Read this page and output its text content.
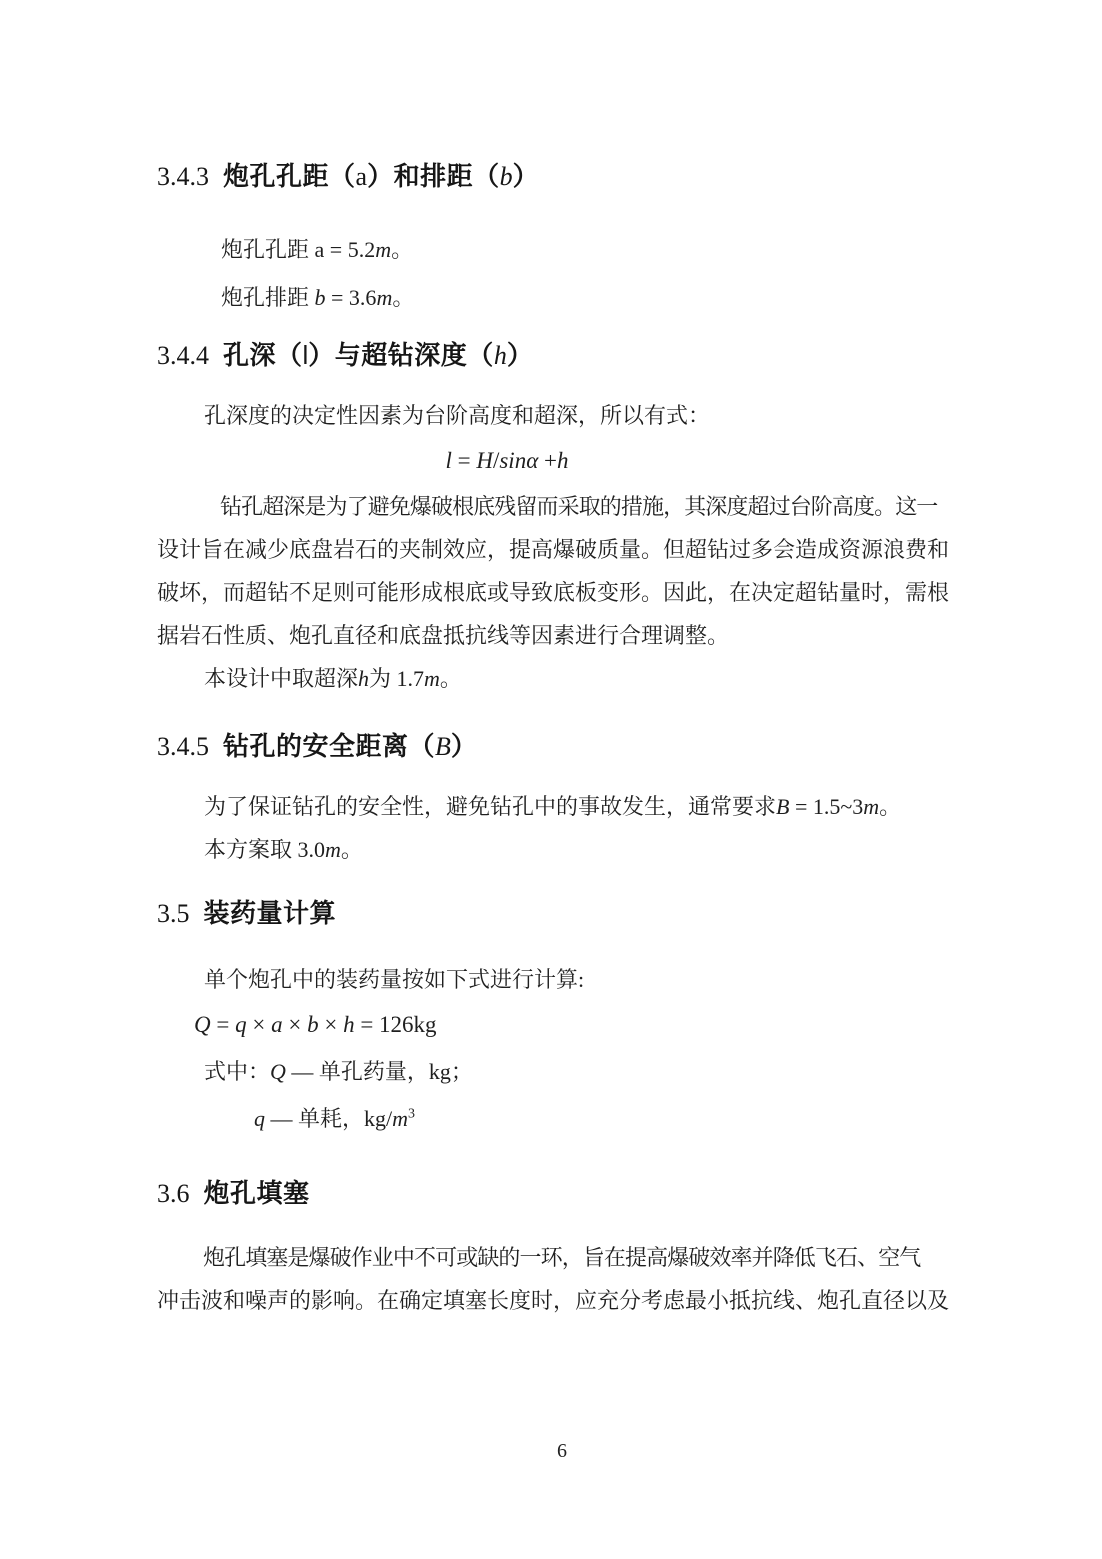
3.4.3 炮孔孔距（a）和排距（b）

炮孔孔距 a = 5.2m。

炮孔排距 b = 3.6m。

3.4.4 孔深（l）与超钻深度（h）

孔深度的决定性因素为台阶高度和超深，所以有式：

l = H/sinα +h

钻孔超深是为了避免爆破根底残留而采取的措施，其深度超过台阶高度。这一

设计旨在减少底盘岩石的夹制效应，提高爆破质量。但超钻过多会造成资源浪费和

破坏，而超钻不足则可能形成根底或导致底板变形。因此，在决定超钻量时，需根

据岩石性质、炮孔直径和底盘抵抗线等因素进行合理调整。

本设计中取超深h为 1.7m。

3.4.5 钻孔的安全距离（B）

为了保证钻孔的安全性，避免钻孔中的事故发生，通常要求B = 1.5~3m。

本方案取 3.0m。

3.5 装药量计算

单个炮孔中的装药量按如下式进行计算:

Q = q × a × b × h = 126kg

式中：Q — 单孔药量，kg；

q — 单耗，$kg/m^3$

3.6 炮孔填塞

炮孔填塞是爆破作业中不可或缺的一环，旨在提高爆破效率并降低飞石、空气

冲击波和噪声的影响。在确定填塞长度时，应充分考虑最小抵抗线、炮孔直径以及

6
